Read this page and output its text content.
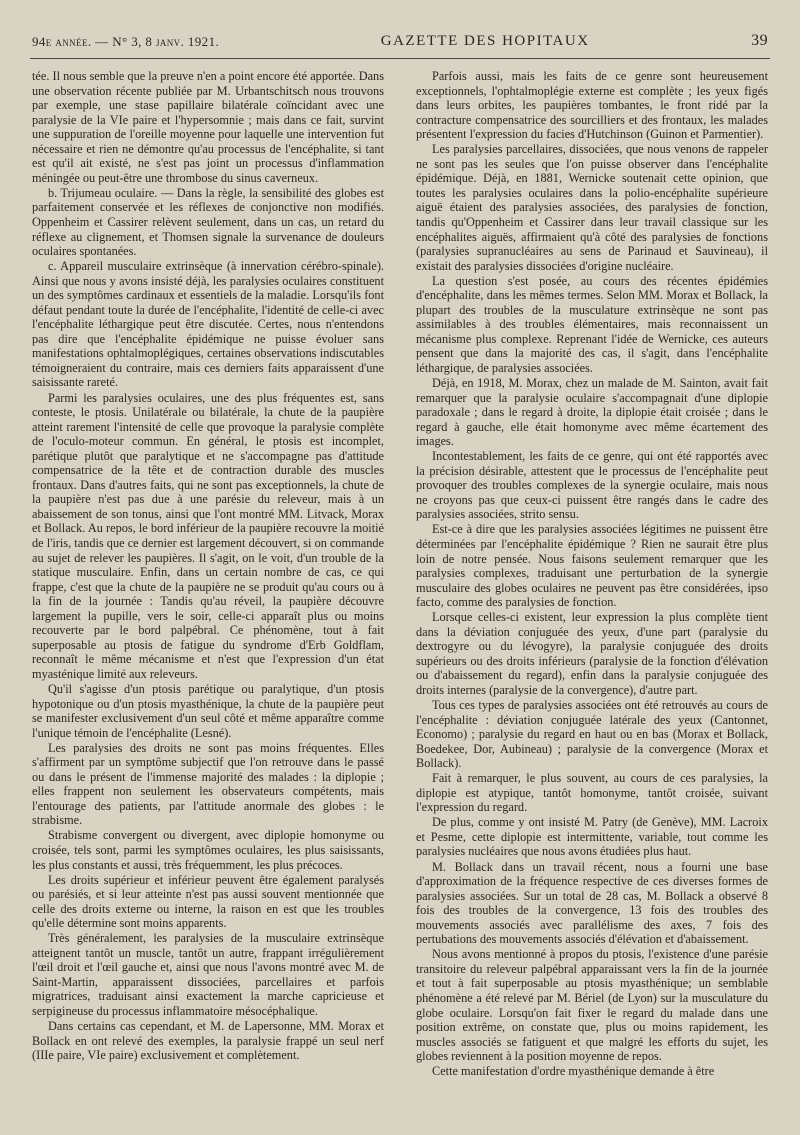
94e année. — N° 3, 8 janv. 1921.	GAZETTE DES HOPITAUX	39

tée. Il nous semble que la preuve n'en a point encore été apportée. Dans une observation récente publiée par M. Urbantschitsch nous trouvons par exemple, une stase papillaire bilatérale coïncidant avec une paralysie de la VIe paire et l'hypersomnie ; mais dans ce fait, survint une suppuration de l'oreille moyenne pour laquelle une intervention fut nécessaire et rien ne démontre qu'au processus de l'encéphalite, si tant est qu'il ait existé, ne s'est pas joint un processus d'inflammation méningée ou peut-être une thrombose du sinus caverneux.

b. Trijumeau oculaire. — Dans la règle, la sensibilité des globes est parfaitement conservée et les réflexes de conjonctive non modifiés. Oppenheim et Cassirer relèvent seulement, dans un cas, un retard du réflexe au clignement, et Thomsen signale la survenance de douleurs oculaires spontanées.

c. Appareil musculaire extrinsèque (à innervation cérébro-spinale). Ainsi que nous y avons insisté déjà, les paralysies oculaires constituent un des symptômes cardinaux et essentiels de la maladie. Lorsqu'ils font défaut pendant toute la durée de l'encéphalite, l'identité de celle-ci avec l'encéphalite léthargique peut être discutée. Certes, nous n'entendons pas dire que l'encéphalite épidémique ne puisse évoluer sans manifestations ophtalmoplégiques, certaines observations indiscutables témoigneraient du contraire, mais ces derniers faits apparaissent d'une saisissante rareté.

Parmi les paralysies oculaires, une des plus fréquentes est, sans conteste, le ptosis. Unilatérale ou bilatérale, la chute de la paupière atteint rarement l'intensité de celle que provoque la paralysie complète de l'oculo-moteur commun. En général, le ptosis est incomplet, parétique plutôt que paralytique et ne s'accompagne pas d'attitude compensatrice de la tête et de contraction durable des muscles frontaux. Dans d'autres faits, qui ne sont pas exceptionnels, la chute de la paupière n'est pas due à une parésie du releveur, mais à un abaissement de son tonus, ainsi que l'ont montré MM. Litvack, Morax et Bollack. Au repos, le bord inférieur de la paupière recouvre la moitié de l'iris, tandis que ce dernier est largement découvert, si on commande au sujet de relever les paupières. Il s'agit, on le voit, d'un trouble de la statique musculaire. Enfin, dans un certain nombre de cas, ce qui frappe, c'est que la chute de la paupière ne se produit qu'au cours ou à la fin de la journée : Tandis qu'au réveil, la paupière découvre largement la pupille, vers le soir, celle-ci apparaît plus ou moins recouverte par le bord palpébral. Ce phénomène, tout à fait superposable au ptosis de fatigue du syndrome d'Erb Goldflam, reconnaît le même mécanisme et n'est que l'expression d'un état myasténique limité aux releveurs.

Qu'il s'agisse d'un ptosis parétique ou paralytique, d'un ptosis hypotonique ou d'un ptosis myasthénique, la chute de la paupière peut se manifester exclusivement d'un seul côté et même apparaître comme l'unique témoin de l'encéphalite (Lesné).

Les paralysies des droits ne sont pas moins fréquentes. Elles s'affirment par un symptôme subjectif que l'on retrouve dans le passé ou dans le présent de l'immense majorité des malades : la diplopie ; elles frappent non seulement les observateurs compétents, mais l'entourage des patients, par l'attitude anormale des globes : le strabisme.

Strabisme convergent ou divergent, avec diplopie homonyme ou croisée, tels sont, parmi les symptômes oculaires, les plus saisissants, les plus constants et aussi, très fréquemment, les plus précoces.

Les droits supérieur et inférieur peuvent être également paralysés ou parésiés, et si leur atteinte n'est pas aussi souvent mentionnée que celle des droits externe ou interne, la raison en est que les troubles qu'elle détermine sont moins apparents.

Très généralement, les paralysies de la musculaire extrinsèque atteignent tantôt un muscle, tantôt un autre, frappant irrégulièrement l'œil droit et l'œil gauche et, ainsi que nous l'avons montré avec M. de Saint-Martin, apparaissent dissociées, parcellaires et parfois migratrices, traduisant ainsi exactement la marche capricieuse et serpigineuse du processus inflammatoire mésocéphalique.

Dans certains cas cependant, et M. de Lapersonne, MM. Morax et Bollack en ont relevé des exemples, la paralysie frappé un seul nerf (IIIe paire, VIe paire) exclusivement et complètement.

Parfois aussi, mais les faits de ce genre sont heureusement exceptionnels, l'ophtalmoplégie externe est complète ; les yeux figés dans leurs orbites, les paupières tombantes, le front ridé par la contracture compensatrice des sourcilliers et des frontaux, les malades présentent l'expression du facies d'Hutchinson (Guinon et Parmentier).

Les paralysies parcellaires, dissociées, que nous venons de rappeler ne sont pas les seules que l'on puisse observer dans l'encéphalite épidémique. Déjà, en 1881, Wernicke soutenait cette opinion, que toutes les paralysies oculaires dans la polio-encéphalite supérieure aiguë étaient des paralysies associées, des paralysies de fonction, tandis qu'Oppenheim et Cassirer dans leur travail classique sur les encéphalites aiguës, affirmaient qu'à côté des paralysies de fonctions (paralysies supranucléaires au sens de Parinaud et Sauvineau), il existait des paralysies dissociées d'origine nucléaire.

La question s'est posée, au cours des récentes épidémies d'encéphalite, dans les mêmes termes. Selon MM. Morax et Bollack, la plupart des troubles de la musculature extrinsèque ne sont pas assimilables à des troubles élémentaires, mais reconnaissent un mécanisme plus complexe. Reprenant l'idée de Wernicke, ces auteurs pensent que dans la majorité des cas, il s'agit, dans l'encéphalite léthargique, de paralysies associées.

Déjà, en 1918, M. Morax, chez un malade de M. Sainton, avait fait remarquer que la paralysie oculaire s'accompagnait d'une diplopie paradoxale ; dans le regard à droite, la diplopie était croisée ; dans le regard à gauche, elle était homonyme avec même écartement des images.

Incontestablement, les faits de ce genre, qui ont été rapportés avec la précision désirable, attestent que le processus de l'encéphalite peut provoquer des troubles complexes de la synergie oculaire, mais nous ne croyons pas que ceux-ci puissent être rangés dans le cadre des paralysies associées, strito sensu.

Est-ce à dire que les paralysies associées légitimes ne puissent être déterminées par l'encéphalite épidémique ? Rien ne saurait être plus loin de notre pensée. Nous faisons seulement remarquer que les paralysies complexes, traduisant une perturbation de la synergie musculaire des globes oculaires ne peuvent pas être considérées, ipso facto, comme des paralysies de fonction.

Lorsque celles-ci existent, leur expression la plus complète tient dans la déviation conjuguée des yeux, d'une part (paralysie du dextrogyre ou du lévogyre), la paralysie conjuguée des droits supérieurs ou des droits inférieurs (paralysie de la fonction d'élévation ou d'abaissement du regard), enfin dans la paralysie conjuguée des droits internes (paralysie de la convergence), d'autre part.

Tous ces types de paralysies associées ont été retrouvés au cours de l'encéphalite : déviation conjuguée latérale des yeux (Cantonnet, Economo) ; paralysie du regard en haut ou en bas (Morax et Bollack, Boedekee, Dor, Aubineau) ; paralysie de la convergence (Morax et Bollack).

Fait à remarquer, le plus souvent, au cours de ces paralysies, la diplopie est atypique, tantôt homonyme, tantôt croisée, suivant l'expression du regard.

De plus, comme y ont insisté M. Patry (de Genève), MM. Lacroix et Pesme, cette diplopie est intermittente, variable, tout comme les paralysies nucléaires que nous avons étudiées plus haut.

M. Bollack dans un travail récent, nous a fourni une base d'approximation de la fréquence respective de ces diverses formes de paralysies associées. Sur un total de 28 cas, M. Bollack a observé 8 fois des troubles de la convergence, 13 fois des troubles des mouvements associés avec parallélisme des axes, 7 fois des pertubations des mouvements associés d'élévation et d'abaissement.

Nous avons mentionné à propos du ptosis, l'existence d'une parésie transitoire du releveur palpébral apparaissant vers la fin de la journée et tout à fait superposable au ptosis myasthénique; un semblable phénomène a été relevé par M. Bériel (de Lyon) sur la musculature du globe oculaire. Lorsqu'on fait fixer le regard du malade dans une position extrême, on constate que, plus ou moins rapidement, les muscles associés se fatiguent et que malgré les efforts du sujet, les globes reviennent à la position moyenne de repos.

Cette manifestation d'ordre myasthénique demande à être
